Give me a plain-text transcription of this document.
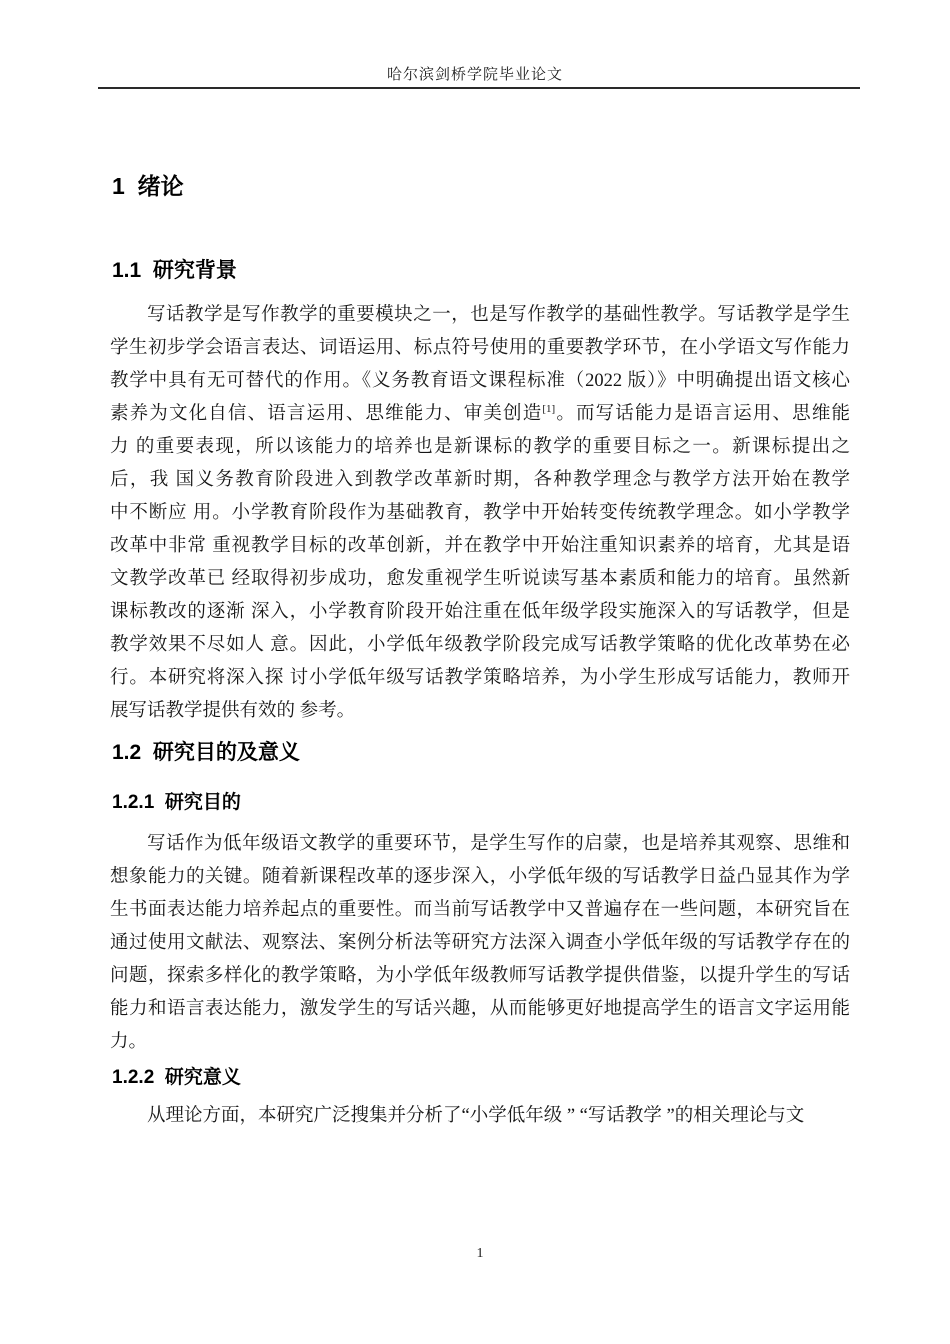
哈尔滨剑桥学院毕业论文
1  绪论
1.1  研究背景
写话教学是写作教学的重要模块之一，也是写作教学的基础性教学。写话教学是学生
学生初步学会语言表达、词语运用、标点符号使用的重要教学环节，在小学语文写作能力
教学中具有无可替代的作用。《义务教育语文课程标准（2022 版）》中明确提出语文核心
素养为文化自信、语言运用、思维能力、审美创造[1]。而写话能力是语言运用、思维能
力 的重要表现，所以该能力的培养也是新课标的教学的重要目标之一。新课标提出之
后，我 国义务教育阶段进入到教学改革新时期，各种教学理念与教学方法开始在教学
中不断应 用。小学教育阶段作为基础教育，教学中开始转变传统教学理念。如小学教学
改革中非常 重视教学目标的改革创新，并在教学中开始注重知识素养的培育，尤其是语
文教学改革已 经取得初步成功，愈发重视学生听说读写基本素质和能力的培育。虽然新
课标教改的逐渐 深入，小学教育阶段开始注重在低年级学段实施深入的写话教学，但是
教学效果不尽如人 意。因此，小学低年级教学阶段完成写话教学策略的优化改革势在必
行。本研究将深入探 讨小学低年级写话教学策略培养，为小学生形成写话能力，教师开
展写话教学提供有效的 参考。
1.2  研究目的及意义
1.2.1  研究目的
写话作为低年级语文教学的重要环节，是学生写作的启蒙，也是培养其观察、思维和
想象能力的关键。随着新课程改革的逐步深入，小学低年级的写话教学日益凸显其作为学
生书面表达能力培养起点的重要性。而当前写话教学中又普遍存在一些问题，本研究旨在
通过使用文献法、观察法、案例分析法等研究方法深入调查小学低年级的写话教学存在的
问题，探索多样化的教学策略，为小学低年级教师写话教学提供借鉴，以提升学生的写话
能力和语言表达能力，激发学生的写话兴趣，从而能够更好地提高学生的语言文字运用能
力。
1.2.2  研究意义
从理论方面，本研究广泛搜集并分析了“小学低年级 ” “写话教学 ”的相关理论与文
1
